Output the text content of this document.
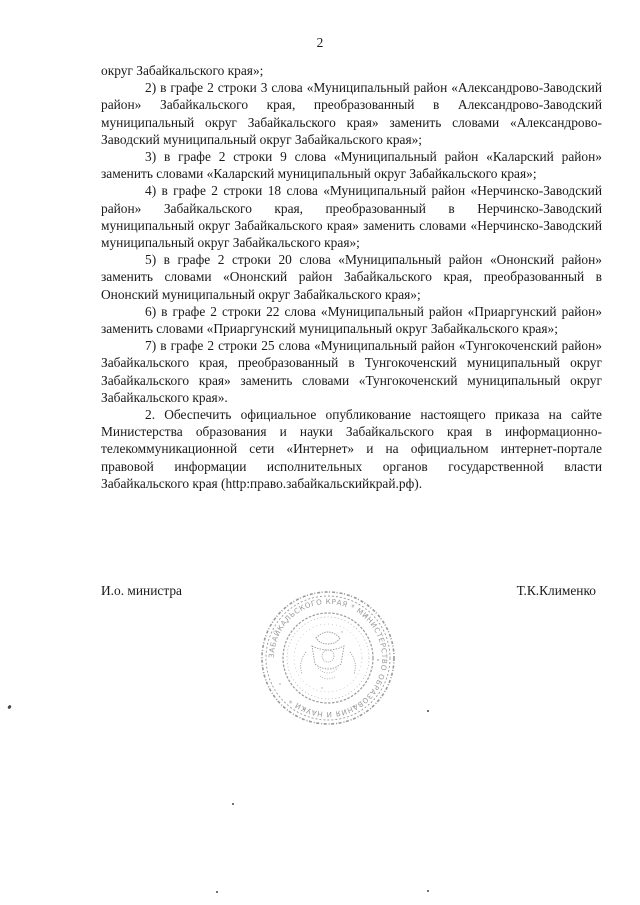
2

округ Забайкальского края»;

2) в графе 2 строки 3 слова «Муниципальный район «Александрово-Заводский район» Забайкальского края, преобразованный в Александрово-Заводский муниципальный округ Забайкальского края» заменить словами «Александрово-Заводский муниципальный округ Забайкальского края»;

3) в графе 2 строки 9 слова «Муниципальный район «Каларский район» заменить словами «Каларский муниципальный округ Забайкальского края»;

4) в графе 2 строки 18 слова «Муниципальный район «Нерчинско-Заводский район» Забайкальского края, преобразованный в Нерчинско-Заводский муниципальный округ Забайкальского края» заменить словами «Нерчинско-Заводский муниципальный округ Забайкальского края»;

5) в графе 2 строки 20 слова «Муниципальный район «Ононский район» заменить словами «Ононский район Забайкальского края, преобразованный в Ононский муниципальный округ Забайкальского края»;

6) в графе 2 строки 22 слова «Муниципальный район «Приаргунский район» заменить словами «Приаргунский муниципальный округ Забайкальского края»;

7) в графе 2 строки 25 слова «Муниципальный район «Тунгокоченский район» Забайкальского края, преобразованный в Тунгокоченский муниципальный округ Забайкальского края» заменить словами «Тунгокоченский муниципальный округ Забайкальского края».

2. Обеспечить официальное опубликование настоящего приказа на сайте Министерства образования и науки Забайкальского края в информационно-телекоммуникационной сети «Интернет» и на официальном интернет-портале правовой информации исполнительных органов государственной власти Забайкальского края (http:право.забайкальскийкрай.рф).

И.о. министра	Т.К.Клименко
ЗАБАЙКАЛЬСКОГО КРАЯ * МИНИСТЕРСТВО ОБРАЗОВАНИЯ И НАУКИ *
